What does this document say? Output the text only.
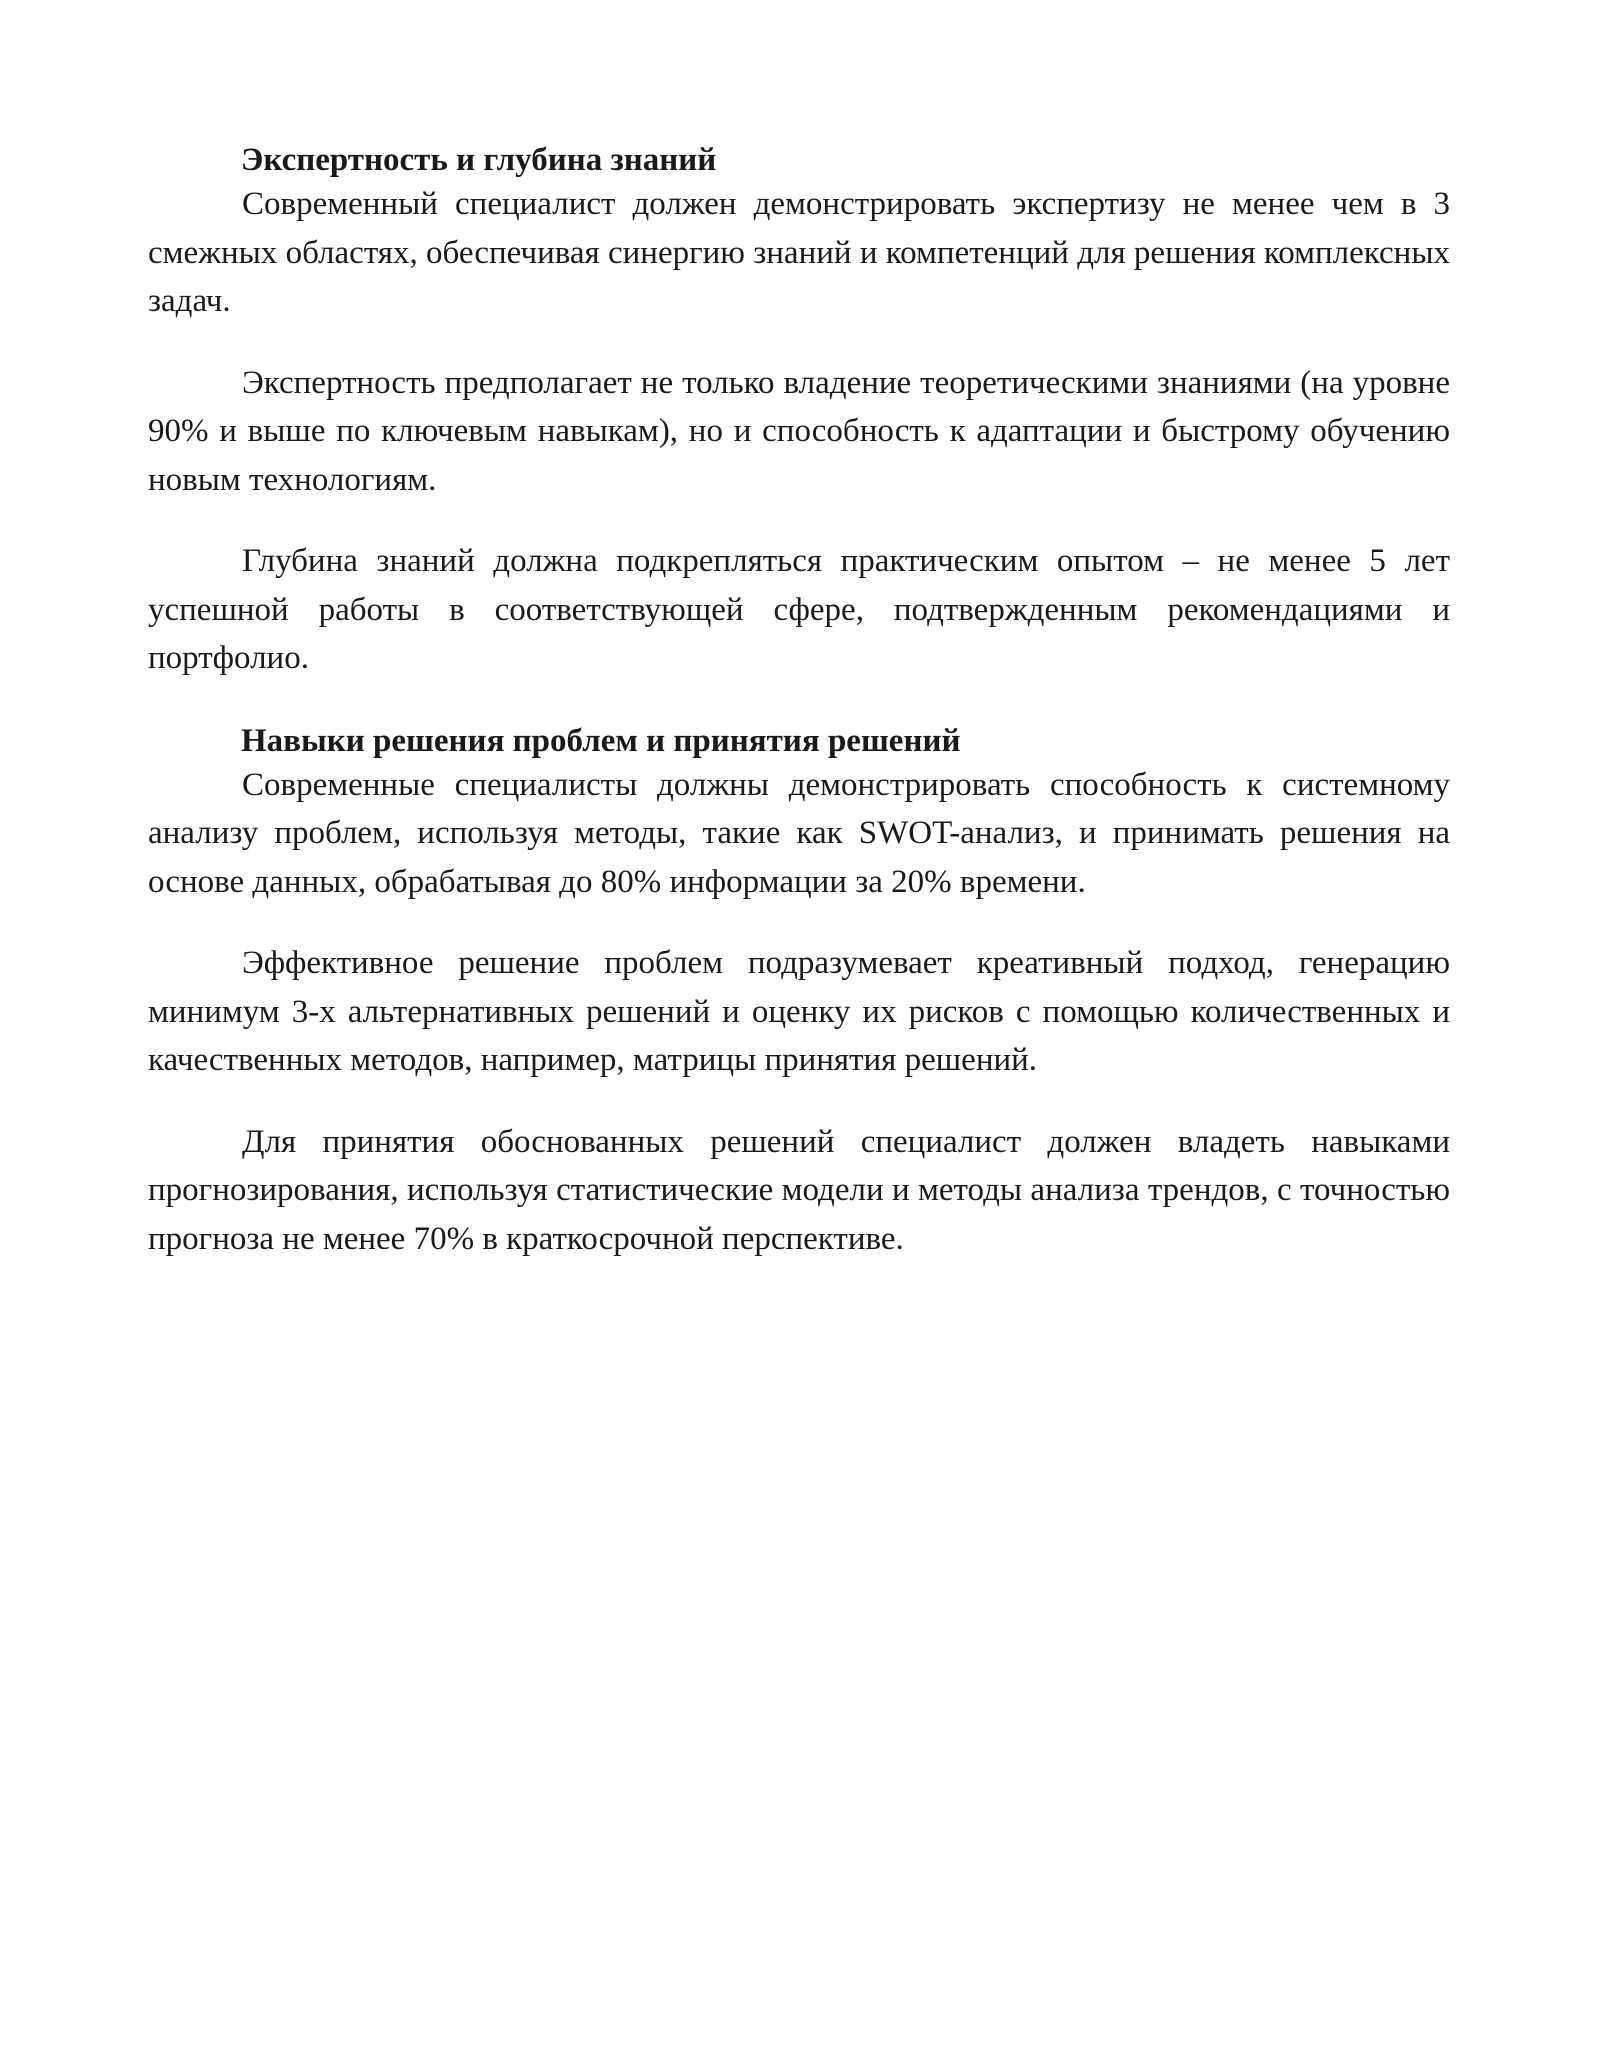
Экспертность и глубина знаний

Современный специалист должен демонстрировать экспертизу не менее чем в 3 смежных областях, обеспечивая синергию знаний и компетенций для решения комплексных задач.

Экспертность предполагает не только владение теоретическими знаниями (на уровне 90% и выше по ключевым навыкам), но и способность к адаптации и быстрому обучению новым технологиям.

Глубина знаний должна подкрепляться практическим опытом – не менее 5 лет успешной работы в соответствующей сфере, подтвержденным рекомендациями и портфолио.

Навыки решения проблем и принятия решений

Современные специалисты должны демонстрировать способность к системному анализу проблем, используя методы, такие как SWOT-анализ, и принимать решения на основе данных, обрабатывая до 80% информации за 20% времени.

Эффективное решение проблем подразумевает креативный подход, генерацию минимум 3-х альтернативных решений и оценку их рисков с помощью количественных и качественных методов, например, матрицы принятия решений.

Для принятия обоснованных решений специалист должен владеть навыками прогнозирования, используя статистические модели и методы анализа трендов, с точностью прогноза не менее 70% в краткосрочной перспективе.
